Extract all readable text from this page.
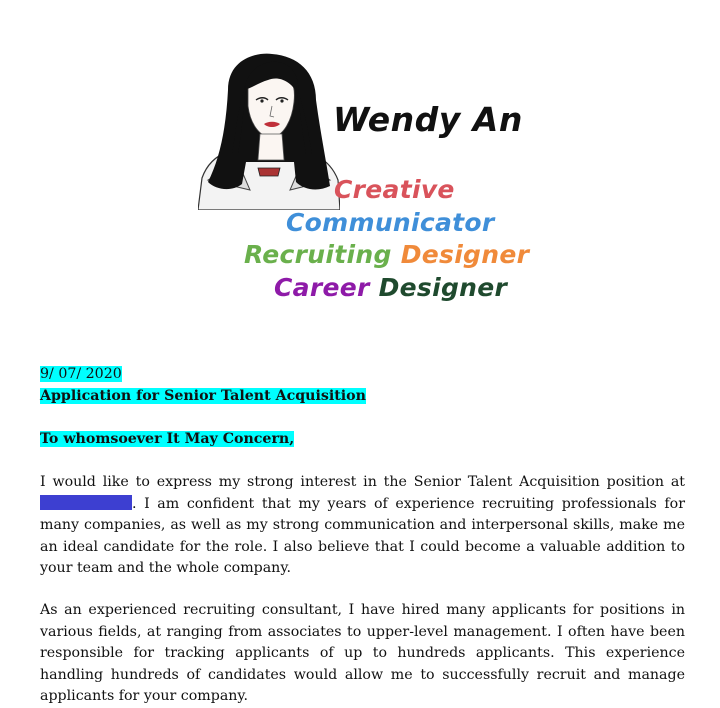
Wendy An
Creative
Communicator
Recruiting Designer
Career Designer
9/ 07/ 2020
Application for Senior Talent Acquisition
To whomsoever It May Concern,
I would like to express my strong interest in the Senior Talent Acquisition position at. I am confident that my years of experience recruiting professionals for many companies, as well as my strong communication and interpersonal skills, make me an ideal candidate for the role. I also believe that I could become a valuable addition to your team and the whole company.
As an experienced recruiting consultant, I have hired many applicants for positions in various fields, at ranging from associates to upper-level management. I often have been responsible for tracking applicants of up to hundreds applicants. This experience handling hundreds of candidates would allow me to successfully recruit and manage applicants for your company.
